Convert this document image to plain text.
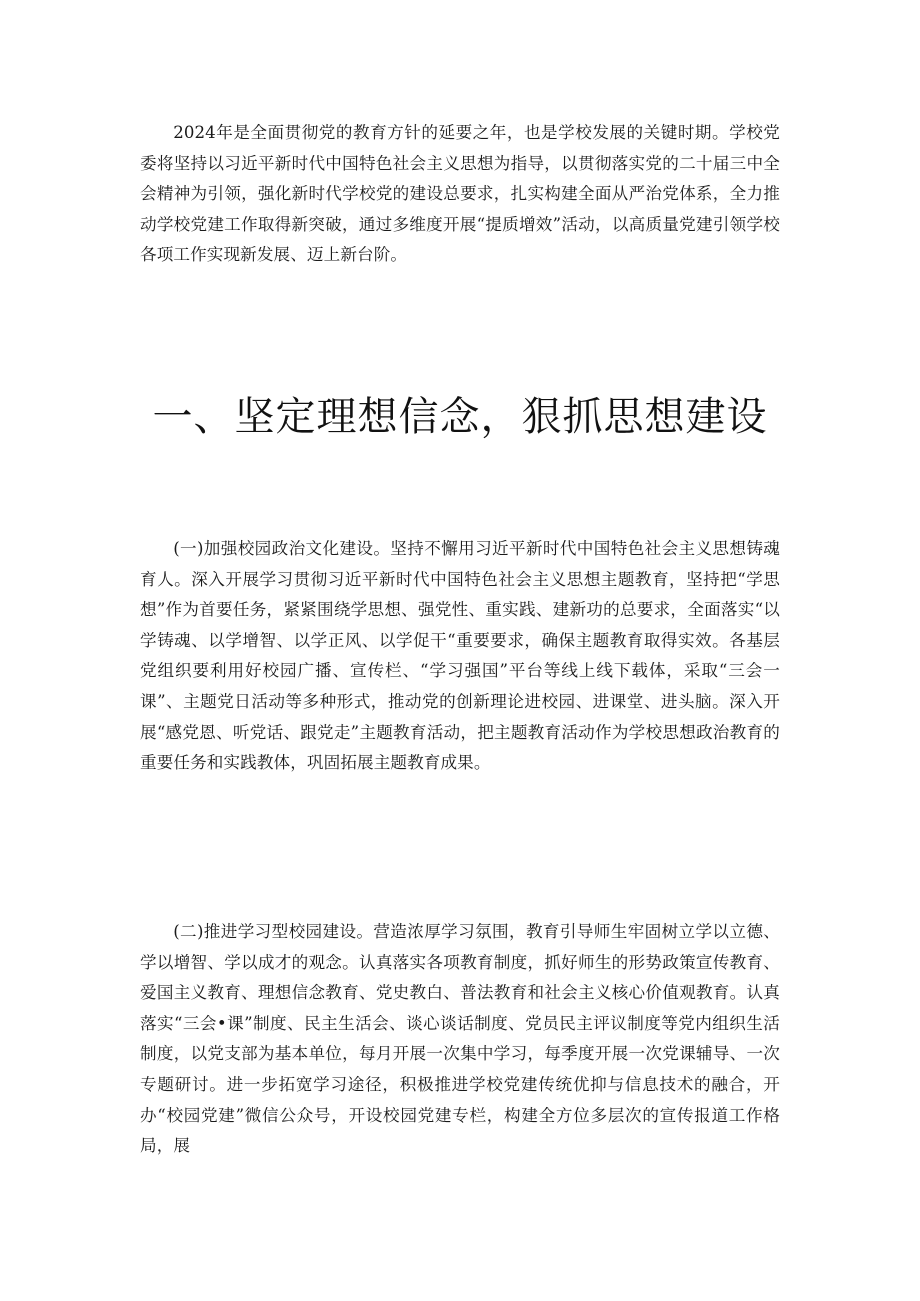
2024年是全面贯彻党的教育方针的延要之年，也是学校发展的关键时期。学校党委将坚持以习近平新时代中国特色社会主义思想为指导，以贯彻落实党的二十届三中全会精神为引领，强化新时代学校党的建设总要求，扎实构建全面从严治党体系，全力推动学校党建工作取得新突破，通过多维度开展“提质增效”活动，以高质量党建引领学校各项工作实现新发展、迈上新台阶。

一、坚定理想信念，狠抓思想建设

(一)加强校园政治文化建设。坚持不懈用习近平新时代中国特色社会主义思想铸魂育人。深入开展学习贯彻习近平新时代中国特色社会主义思想主题教育，坚持把“学思想”作为首要任务，紧紧围绕学思想、强党性、重实践、建新功的总要求，全面落实“以学铸魂、以学增智、以学正风、以学促干“重要要求，确保主题教育取得实效。各基层党组织要利用好校园广播、宣传栏、“学习强国”平台等线上线下载体，采取“三会一课”、主题党日活动等多种形式，推动党的创新理论进校园、进课堂、进头脑。深入开展“感党恩、听党话、跟党走”主题教育活动，把主题教育活动作为学校思想政治教育的重要任务和实践教体，巩固拓展主题教育成果。

(二)推进学习型校园建设。营造浓厚学习氛围，教育引导师生牢固树立学以立德、学以增智、学以成才的观念。认真落实各项教育制度，抓好师生的形势政策宣传教育、爱国主义教育、理想信念教育、党史教白、普法教育和社会主义核心价值观教育。认真落实“三会•课”制度、民主生活会、谈心谈话制度、党员民主评议制度等党内组织生活制度，以党支部为基本单位，每月开展一次集中学习，每季度开展一次党课辅导、一次专题研讨。进一步拓宽学习途径，积极推进学校党建传统优抑与信息技术的融合，开办“校园党建”微信公众号，开设校园党建专栏，构建全方位多层次的宣传报道工作格局，展
